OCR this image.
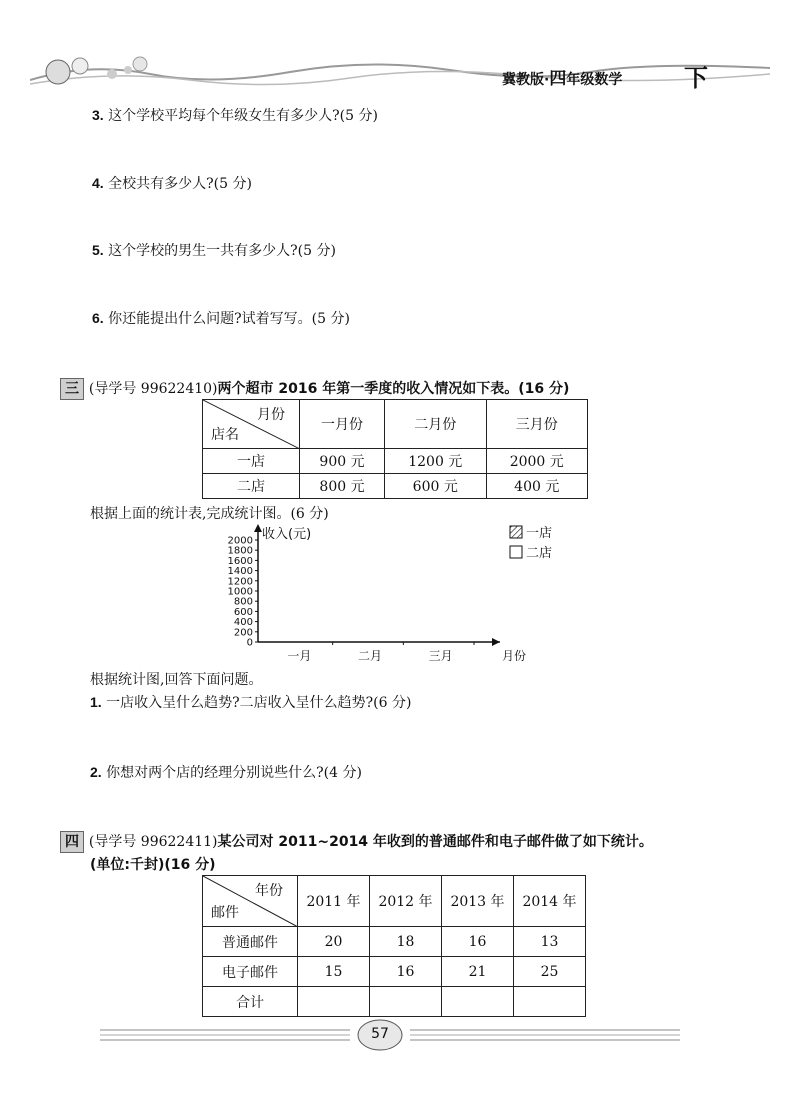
冀教版·四年级数学	下
3. 这个学校平均每个年级女生有多少人?(5 分)
4. 全校共有多少人?(5 分)
5. 这个学校的男生一共有多少人?(5 分)
6. 你还能提出什么问题?试着写写。(5 分)
三 (导学号 99622410)两个超市 2016 年第一季度的收入情况如下表。(16 分)
月份
店名	一月份	二月份	三月份
一店	900 元	1200 元	2000 元
二店	800 元	600 元	400 元
根据上面的统计表,完成统计图。(6 分)
收入(元)
0
200
400
600
800
1000
1200
1400
1600
1800
2000
一月	二月	三月	月份
一店
二店
根据统计图,回答下面问题。
1. 一店收入呈什么趋势?二店收入呈什么趋势?(6 分)
2. 你想对两个店的经理分别说些什么?(4 分)
四 (导学号 99622411)某公司对 2011~2014 年收到的普通邮件和电子邮件做了如下统计。
(单位:千封)(16 分)
年份
邮件	2011 年	2012 年	2013 年	2014 年
普通邮件	20	18	16	13
电子邮件	15	16	21	25
合计				
57
